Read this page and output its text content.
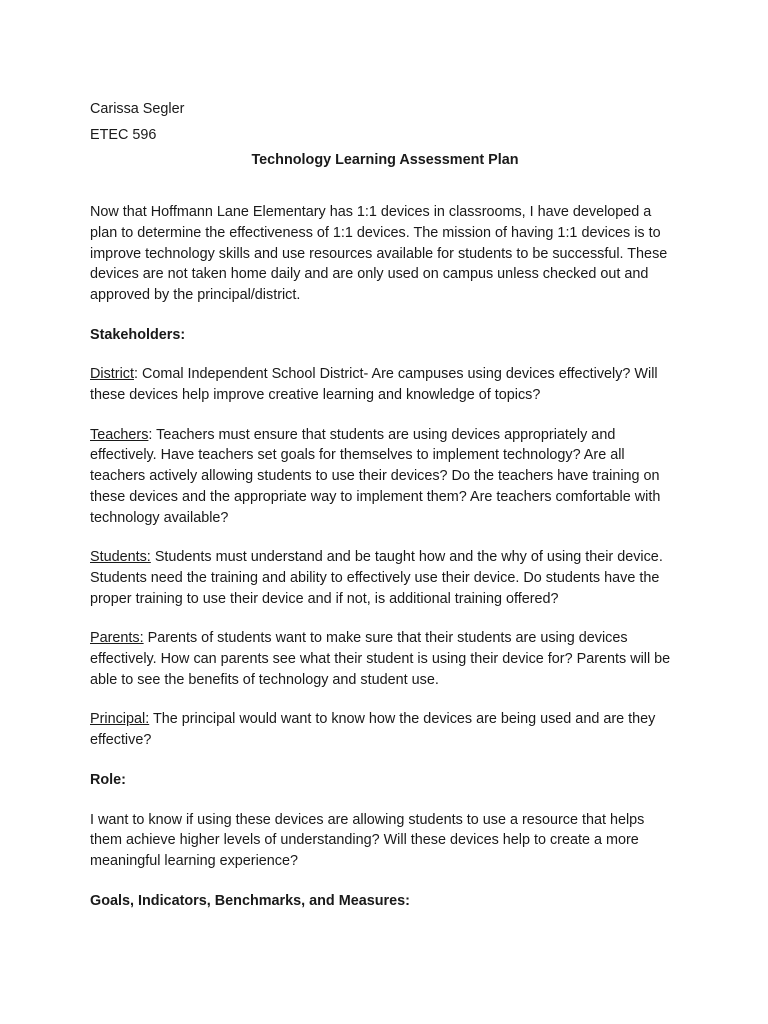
Carissa Segler

ETEC 596

Technology Learning Assessment Plan

Now that Hoffmann Lane Elementary has 1:1 devices in classrooms, I have developed a plan to determine the effectiveness of 1:1 devices. The mission of having 1:1 devices is to improve technology skills and use resources available for students to be successful. These devices are not taken home daily and are only used on campus unless checked out and approved by the principal/district.

Stakeholders:

District: Comal Independent School District- Are campuses using devices effectively? Will these devices help improve creative learning and knowledge of topics?

Teachers: Teachers must ensure that students are using devices appropriately and effectively. Have teachers set goals for themselves to implement technology? Are all teachers actively allowing students to use their devices? Do the teachers have training on these devices and the appropriate way to implement them? Are teachers comfortable with technology available?

Students: Students must understand and be taught how and the why of using their device. Students need the training and ability to effectively use their device. Do students have the proper training to use their device and if not, is additional training offered?

Parents: Parents of students want to make sure that their students are using devices effectively. How can parents see what their student is using their device for? Parents will be able to see the benefits of technology and student use.

Principal: The principal would want to know how the devices are being used and are they effective?

Role:

I want to know if using these devices are allowing students to use a resource that helps them achieve higher levels of understanding? Will these devices help to create a more meaningful learning experience?

Goals, Indicators, Benchmarks, and Measures:
